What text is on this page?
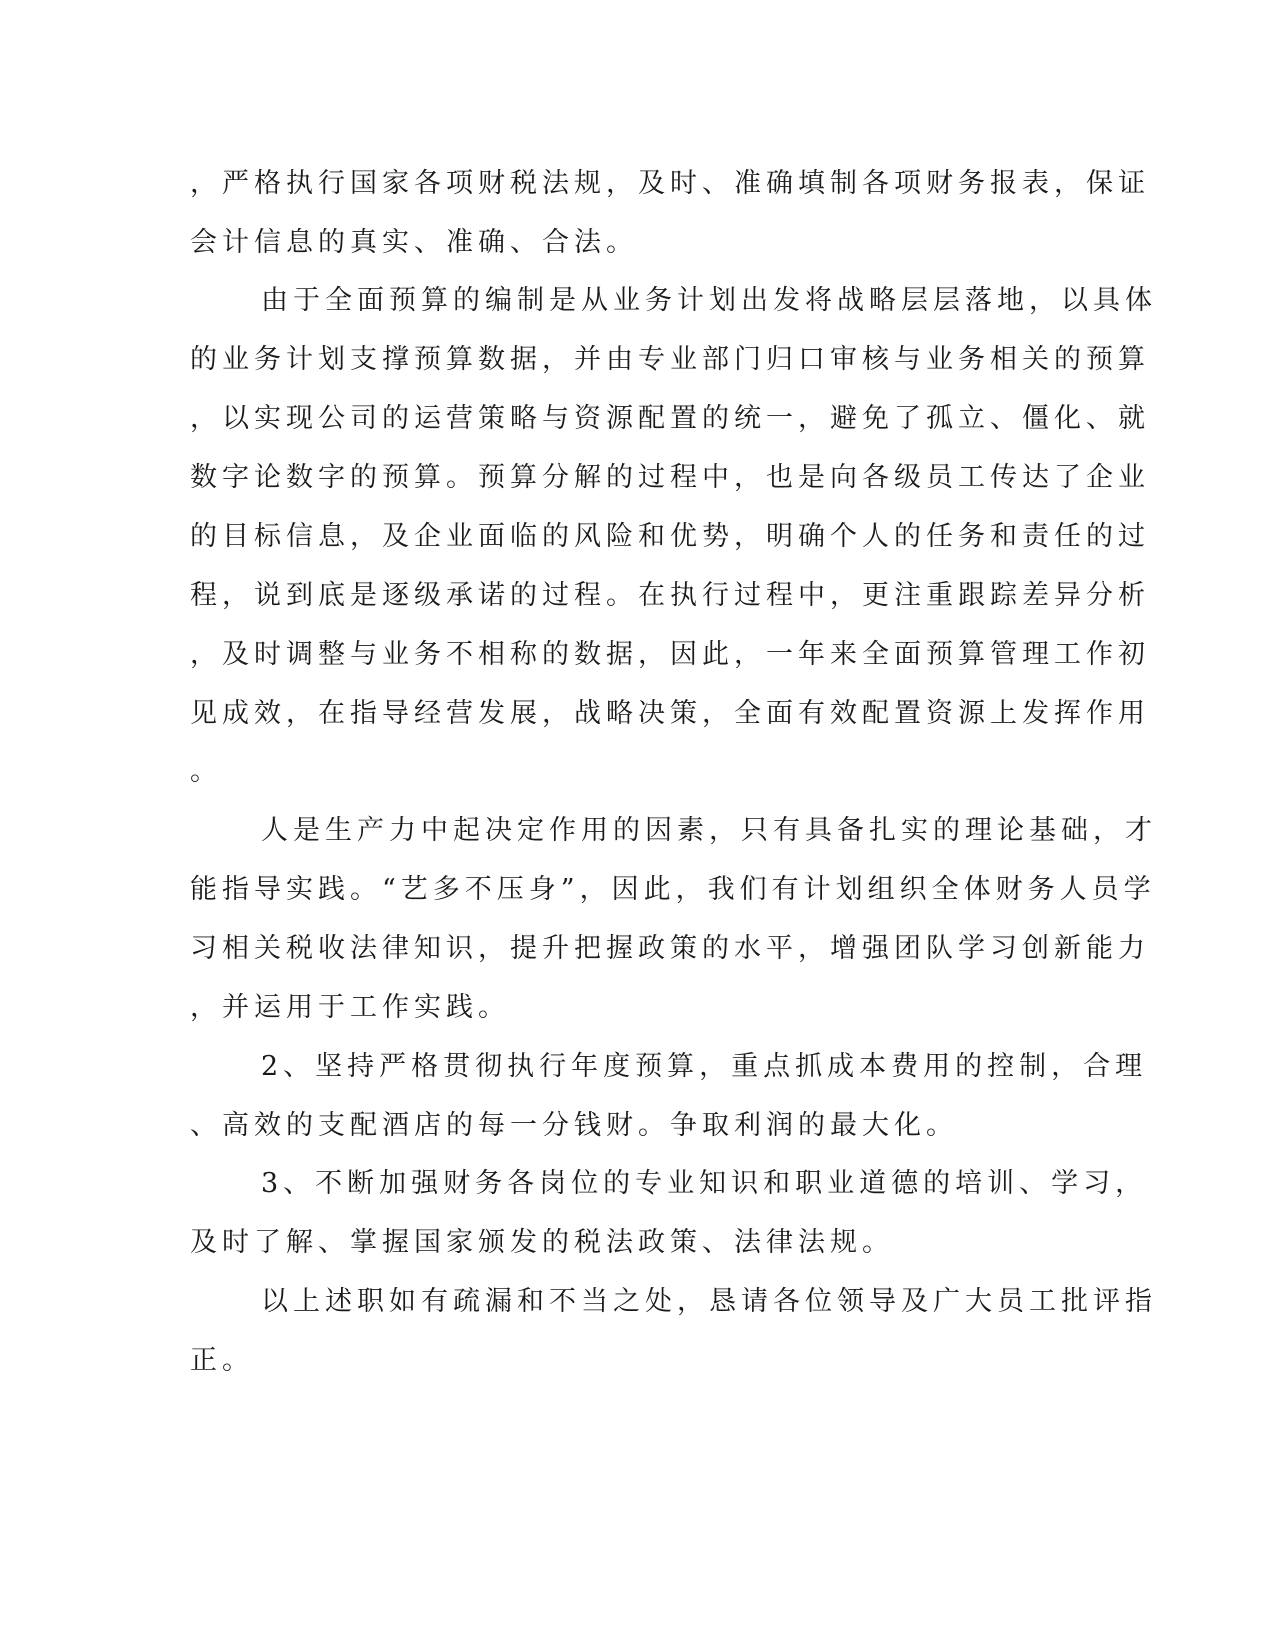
，严格执行国家各项财税法规，及时、准确填制各项财务报表，保证

会计信息的真实、准确、合法。

由于全面预算的编制是从业务计划出发将战略层层落地，以具体

的业务计划支撑预算数据，并由专业部门归口审核与业务相关的预算

，以实现公司的运营策略与资源配置的统一，避免了孤立、僵化、就

数字论数字的预算。预算分解的过程中，也是向各级员工传达了企业

的目标信息，及企业面临的风险和优势，明确个人的任务和责任的过

程，说到底是逐级承诺的过程。在执行过程中，更注重跟踪差异分析

，及时调整与业务不相称的数据，因此，一年来全面预算管理工作初

见成效，在指导经营发展，战略决策，全面有效配置资源上发挥作用

。

人是生产力中起决定作用的因素，只有具备扎实的理论基础，才

能指导实践。“艺多不压身”，因此，我们有计划组织全体财务人员学

习相关税收法律知识，提升把握政策的水平，增强团队学习创新能力

，并运用于工作实践。

2、坚持严格贯彻执行年度预算，重点抓成本费用的控制，合理

、高效的支配酒店的每一分钱财。争取利润的最大化。

3、不断加强财务各岗位的专业知识和职业道德的培训、学习，

及时了解、掌握国家颁发的税法政策、法律法规。

以上述职如有疏漏和不当之处，恳请各位领导及广大员工批评指

正。
